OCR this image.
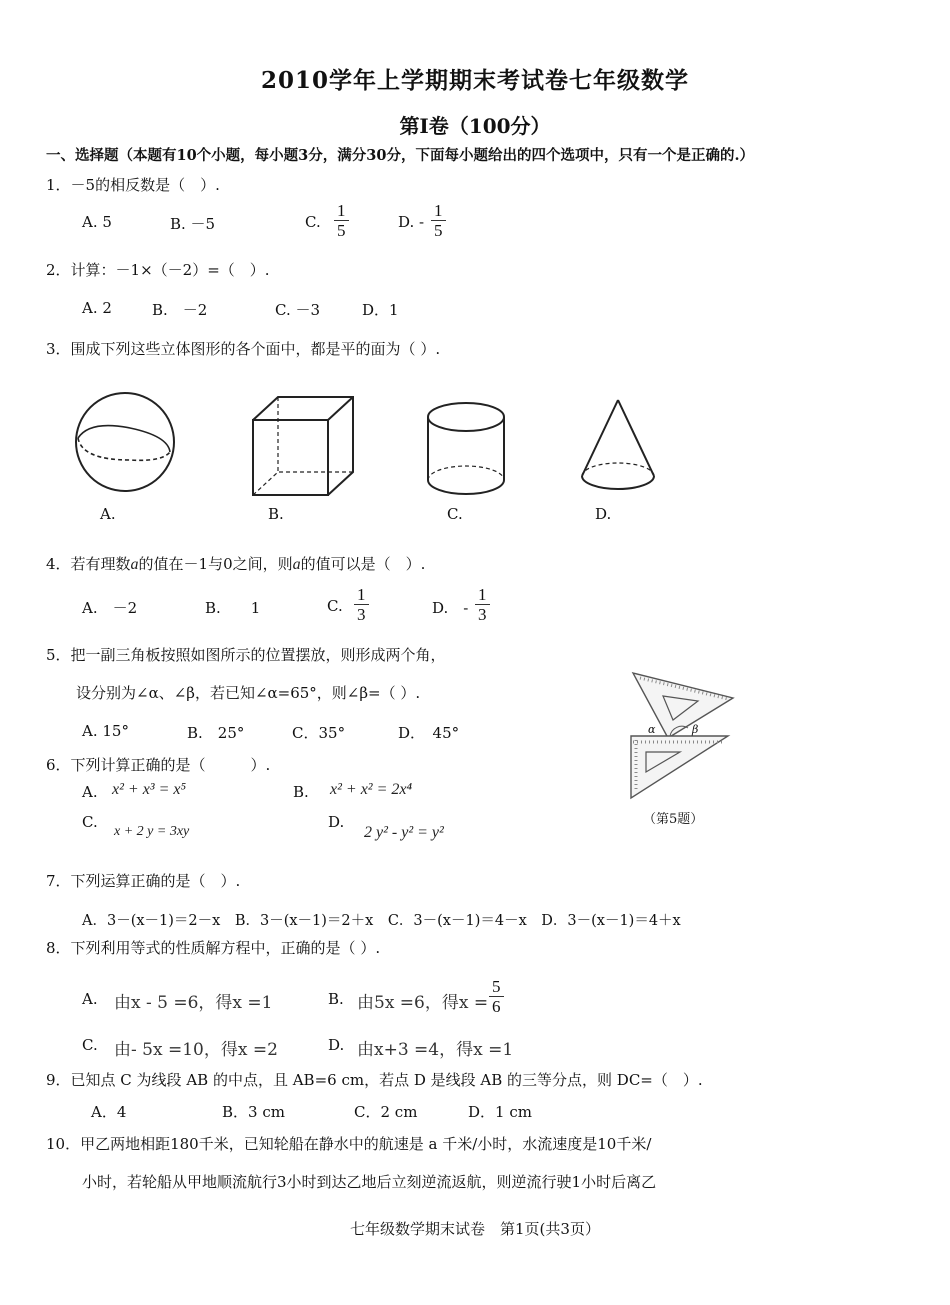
2010学年上学期期末考试卷七年级数学
第Ⅰ卷（100分）
一、选择题（本题有10个小题，每小题3分，满分30分，下面每小题给出的四个选项中，只有一个是正确的.）
1．－5的相反数是（　）.
A. 5	B. －5	C. $\frac{1}{5}$	D. - $\frac{1}{5}$
2．计算：－1×（－2）=（　）.
A. 2	B.　－2	C. －3	D．1
3．围成下列这些立体图形的各个面中，都是平的面为（ ）.
A.	B.	C.	D.
4．若有理数a的值在－1与0之间，则a的值可以是（　）.
A.　－2	B.　　1	C. $\frac{1}{3}$	D.　- $\frac{1}{3}$
5．把一副三角板按照如图所示的位置摆放，则形成两个角，
设分别为∠α、∠β，若已知∠α=65°，则∠β=（ ）.
A. 15°	B.　25°	C．35°	D．　45°	α	β
（第5题）
6．下列计算正确的是（　　　）.
A. x² + x³ = x⁵	B. x² + x² = 2x⁴
C.
x + 2 y = 3xy
D.
2 y² - y² = y²
7．下列运算正确的是（　）.
A．3－(x－1)＝2－x　B．3－(x－1)＝2＋x　C．3－(x－1)＝4－x　D．3－(x－1)＝4＋x
8．下列利用等式的性质解方程中，正确的是（ ）.
A. 由x - 5 =6，得x =1	B. 由5x =6，得$x = \frac{5}{6}$
C. 由- 5x =10，得x =2	D. 由x+3 =4，得x =1
9．已知点 C 为线段 AB 的中点，且 AB=6 cm，若点 D 是线段 AB 的三等分点，则 DC=（　）.
A．4	B．3 cm	C．2 cm	D．1 cm
10．甲乙两地相距180千米，已知轮船在静水中的航速是 a 千米/小时，水流速度是10千米/
小时，若轮船从甲地顺流航行3小时到达乙地后立刻逆流返航，则逆流行驶1小时后离乙
七年级数学期末试卷　第1页(共3页）
